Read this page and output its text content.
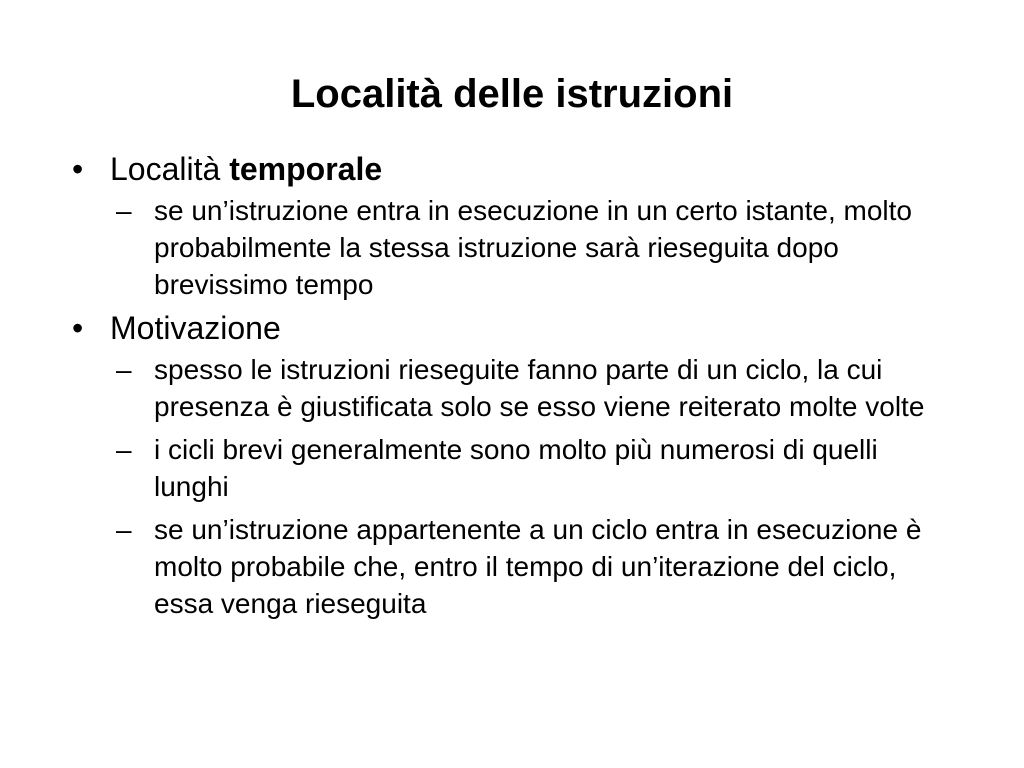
Località delle istruzioni
• Località temporale
– se un’istruzione entra in esecuzione in un certo istante, molto probabilmente la stessa istruzione sarà rieseguita dopo brevissimo tempo
• Motivazione
– spesso le istruzioni rieseguite fanno parte di un ciclo, la cui presenza è giustificata solo se esso viene reiterato molte volte
– i cicli brevi generalmente sono molto più numerosi di quelli lunghi
– se un’istruzione appartenente a un ciclo entra in esecuzione è molto probabile che, entro il tempo di un’iterazione del ciclo, essa venga rieseguita
